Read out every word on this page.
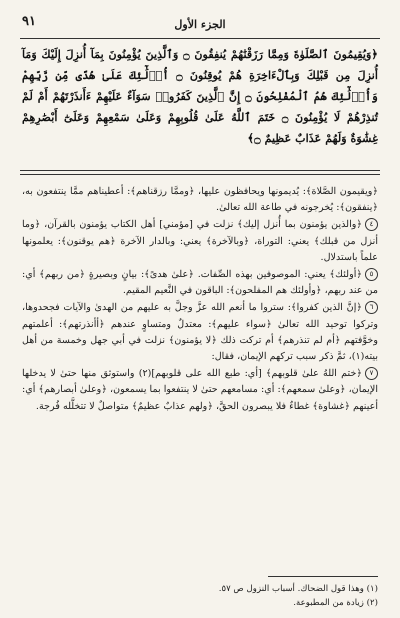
الجزء الأول
٩١
﴿وَيُقِيمُونَ ٱلصَّلَوٰةَ وَمِمَّا رَزَقْنَٰهُمْ يُنفِقُونَ ۝ وَٱلَّذِينَ يُؤْمِنُونَ بِمَآ أُنزِلَ إِلَيْكَ وَمَآ أُنزِلَ مِن قَبْلِكَ وَبِٱلْءَاخِرَةِ هُمْ يُوقِنُونَ ۝ أُو۟لَٰٓئِكَ عَلَىٰ هُدًى مِّن رَّبِّهِمْ وَأُو۟لَٰٓئِكَ هُمُ ٱلْمُفْلِحُونَ ۝ إِنَّ ٱلَّذِينَ كَفَرُوا۟ سَوَآءٌ عَلَيْهِمْ ءَأَنذَرْتَهُمْ أَمْ لَمْ تُنذِرْهُمْ لَا يُؤْمِنُونَ ۝ خَتَمَ ٱللَّهُ عَلَىٰ قُلُوبِهِمْ وَعَلَىٰ سَمْعِهِمْ وَعَلَىٰٓ أَبْصَٰرِهِمْ غِشَٰوَةٌ وَلَهُمْ عَذَابٌ عَظِيمٌ ۝﴾

﴿ويقيمون الصَّلاة﴾: يُديمونها ويحافظون عليها، ﴿وممَّا رزقناهم﴾: أعطيناهم ممَّا ينتفعون به، ﴿ينفقون﴾: يُخرجونه في طاعة الله تعالىٰ.

٤﴿والذين يؤمنون بما أُنزل إليك﴾ نزلت في [مؤمني] أهل الكتاب يؤمنون بالقرآن، ﴿وما أنزل من قبلك﴾ يعني: التوراة، ﴿وبالآخرة﴾ يعني: وبالدار الآخرة ﴿هم يوقنون﴾: يعلمونها علماً باستدلال.

٥﴿أولئك﴾ يعني: الموصوفين بهذه الصِّفات. ﴿علىٰ هدىً﴾: بيانٍ وبصيرةٍ ﴿من ربهم﴾ أي: من عند ربهم، ﴿وأولئك هم المفلحون﴾: الباقون في النَّعيم المقيم.

٦﴿إنَّ الذين كفروا﴾: ستروا ما أنعم الله عزَّ وجلَّ به عليهم من الهدىٰ والآيات فجحدوها، وتركوا توحيد الله تعالىٰ ﴿سواء عليهم﴾: معتدلٌ ومتساوٍ عندهم ﴿أأنذرتهم﴾: أعلمتهم وخوَّفتهم ﴿أم لم تنذرهم﴾ أم تركت ذلك ﴿لا يؤمنون﴾ نزلت في أبي جهل وخمسة من أهل بيته(١)، ثمَّ ذكر سبب تركهم الإيمان، فقال:

٧﴿ختم اللهُ علىٰ قلوبهم﴾ [أي: طبع الله على قلوبهم](٢) واستوثق منها حتىٰ لا يدخلها الإيمان، ﴿وعلىٰ سمعهم﴾: أي: مسامعهم حتىٰ لا ينتفعوا بما يسمعون، ﴿وعلىٰ أبصارهم﴾ أي: أعينهم ﴿غشاوة﴾ غطاءٌ فلا يبصرون الحقَّ، ﴿ولهم عذابٌ عظيمٌ﴾ متواصلٌ لا تتخلَّله فُرجة.

(١) وهذا قول الضحاك. أسباب النزول ص ٥٧.
(٢) زيادة من المطبوعة.
